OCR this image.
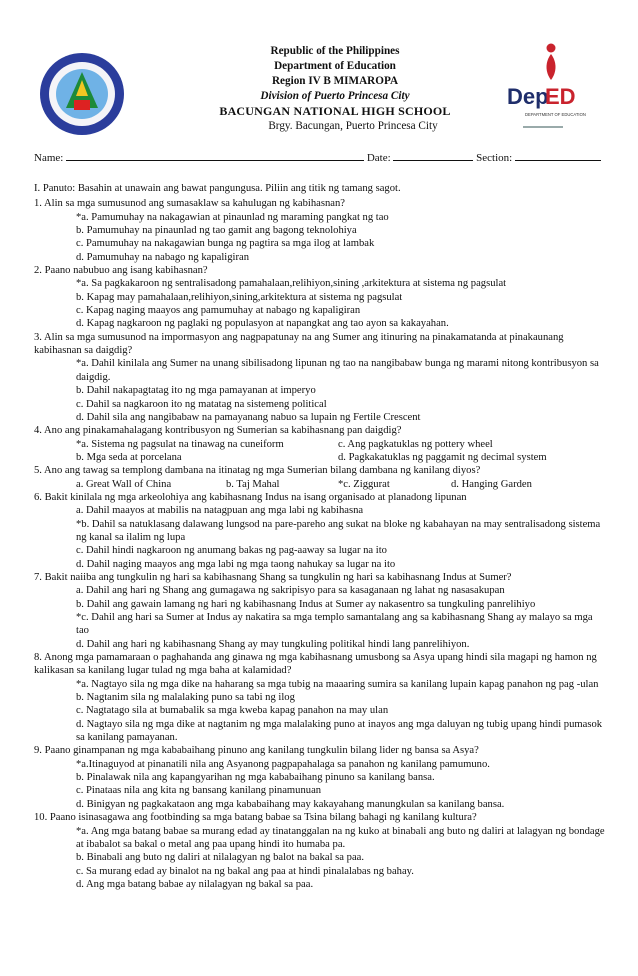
Republic of the Philippines
Department of Education
Region IV B MIMAROPA
Division of Puerto Princesa City
BACUNGAN NATIONAL HIGH SCHOOL
Brgy. Bacungan, Puerto Princesa City
Dep
ED
DEPARTMENT OF EDUCATION
Name:	Date:	Section:
I. Panuto: Basahin at unawain ang bawat pangungusa. Piliin ang titik ng tamang sagot.
1. Alin sa mga sumusunod ang sumasaklaw sa kahulugan ng kabihasnan?
*a. Pamumuhay na nakagawian at pinaunlad ng maraming pangkat ng tao
b. Pamumuhay na pinaunlad ng tao gamit ang bagong teknolohiya
c. Pamumuhay na nakagawian bunga ng pagtira sa mga ilog at lambak
d. Pamumuhay na nabago ng kapaligiran
2. Paano nabubuo ang isang kabihasnan?
*a. Sa pagkakaroon ng sentralisadong pamahalaan,relihiyon,sining ,arkitektura at sistema ng pagsulat
b. Kapag may pamahalaan,relihiyon,sining,arkitektura at sistema ng pagsulat
c. Kapag naging maayos ang pamumuhay at nabago ng kapaligiran
d. Kapag nagkaroon ng paglaki ng populasyon at napangkat ang tao ayon sa kakayahan.
3. Alin sa mga sumusunod na impormasyon ang nagpapatunay na ang Sumer ang itinuring na pinakamatanda at pinakaunang kabihasnan sa daigdig?
*a. Dahil kinilala ang Sumer na unang sibilisadong lipunan ng tao na nangibabaw bunga ng marami nitong kontribusyon sa daigdig.
b. Dahil nakapagtatag ito ng mga pamayanan at imperyo
c. Dahil sa nagkaroon ito ng matatag na sistemeng political
d. Dahil sila ang nangibabaw na pamayanang nabuo sa lupain ng Fertile Crescent
4. Ano ang pinakamahalagang kontribusyon ng Sumerian sa kabihasnang pan daigdig?
*a. Sistema ng pagsulat na tinawag na cuneiform	c. Ang pagkatuklas ng pottery wheel
b. Mga seda at porcelana	d. Pagkakatuklas ng paggamit ng decimal system
5. Ano ang tawag sa templong dambana na itinatag ng mga Sumerian bilang dambana ng kanilang diyos?
a. Great Wall of China	b. Taj Mahal	*c. Ziggurat	d. Hanging Garden
6. Bakit kinilala ng mga arkeolohiya ang kabihasnang Indus na isang organisado at planadong lipunan
a. Dahil maayos at mabilis na natagpuan ang mga labi ng kabihasna
*b. Dahil sa natuklasang dalawang lungsod na pare-pareho ang sukat na bloke ng kabahayan na may sentralisadong sistema ng kanal sa ilalim ng lupa
c. Dahil hindi nagkaroon ng anumang bakas ng pag-aaway sa lugar na ito
d. Dahil naging maayos ang mga labi ng mga taong nahukay sa lugar na ito
7. Bakit naiiba ang tungkulin ng hari sa kabihasnang Shang sa tungkulin ng hari sa kabihasnang Indus at Sumer?
a. Dahil ang hari ng Shang ang gumagawa ng sakripisyo para sa kasaganaan ng lahat ng nasasakupan
b. Dahil ang gawain lamang ng hari ng kabihasnang Indus at Sumer ay nakasentro sa tungkuling panrelihiyo
*c. Dahil ang hari sa Sumer at Indus ay nakatira sa mga templo samantalang ang sa kabihasnang Shang ay malayo sa mga tao
d. Dahil ang hari ng kabihasnang Shang ay may tungkuling politikal hindi lang panrelihiyon.
8. Anong mga pamamaraan o paghahanda ang ginawa ng mga kabihasnang umusbong sa Asya upang hindi sila magapi ng hamon ng kalikasan sa kanilang lugar tulad ng mga baha at kalamidad?
*a. Nagtayo sila ng mga dike na haharang sa mga tubig na maaaring sumira sa kanilang lupain kapag panahon ng pag -ulan
b. Nagtanim sila ng malalaking puno sa tabi ng ilog
c. Nagtatago sila at bumabalik sa mga kweba kapag panahon na may ulan
d. Nagtayo sila ng mga dike at nagtanim ng mga malalaking puno at inayos ang mga daluyan ng tubig upang hindi pumasok sa kanilang pamayanan.
9. Paano ginampanan ng mga kababaihang pinuno ang kanilang tungkulin bilang lider ng bansa sa Asya?
*a.Itinaguyod at pinanatili nila ang Asyanong pagpapahalaga sa panahon ng kanilang pamumuno.
b. Pinalawak nila ang kapangyarihan ng mga kababaihang pinuno sa kanilang bansa.
c. Pinataas nila ang kita ng bansang kanilang pinamunuan
d. Binigyan ng pagkakataon ang mga kababaihang may kakayahang manungkulan sa kanilang bansa.
10. Paano isinasagawa ang footbinding sa mga batang babae sa Tsina bilang bahagi ng kanilang kultura?
*a. Ang mga batang babae sa murang edad ay tinatanggalan na ng kuko at binabali ang buto ng daliri at lalagyan ng bondage at ibabalot sa bakal o metal ang paa upang hindi ito humaba pa.
b. Binabali ang buto ng daliri at nilalagyan ng balot na bakal sa paa.
c. Sa murang edad ay binalot na ng bakal ang paa at hindi pinalalabas ng bahay.
d. Ang mga batang babae ay nilalagyan ng bakal sa paa.
